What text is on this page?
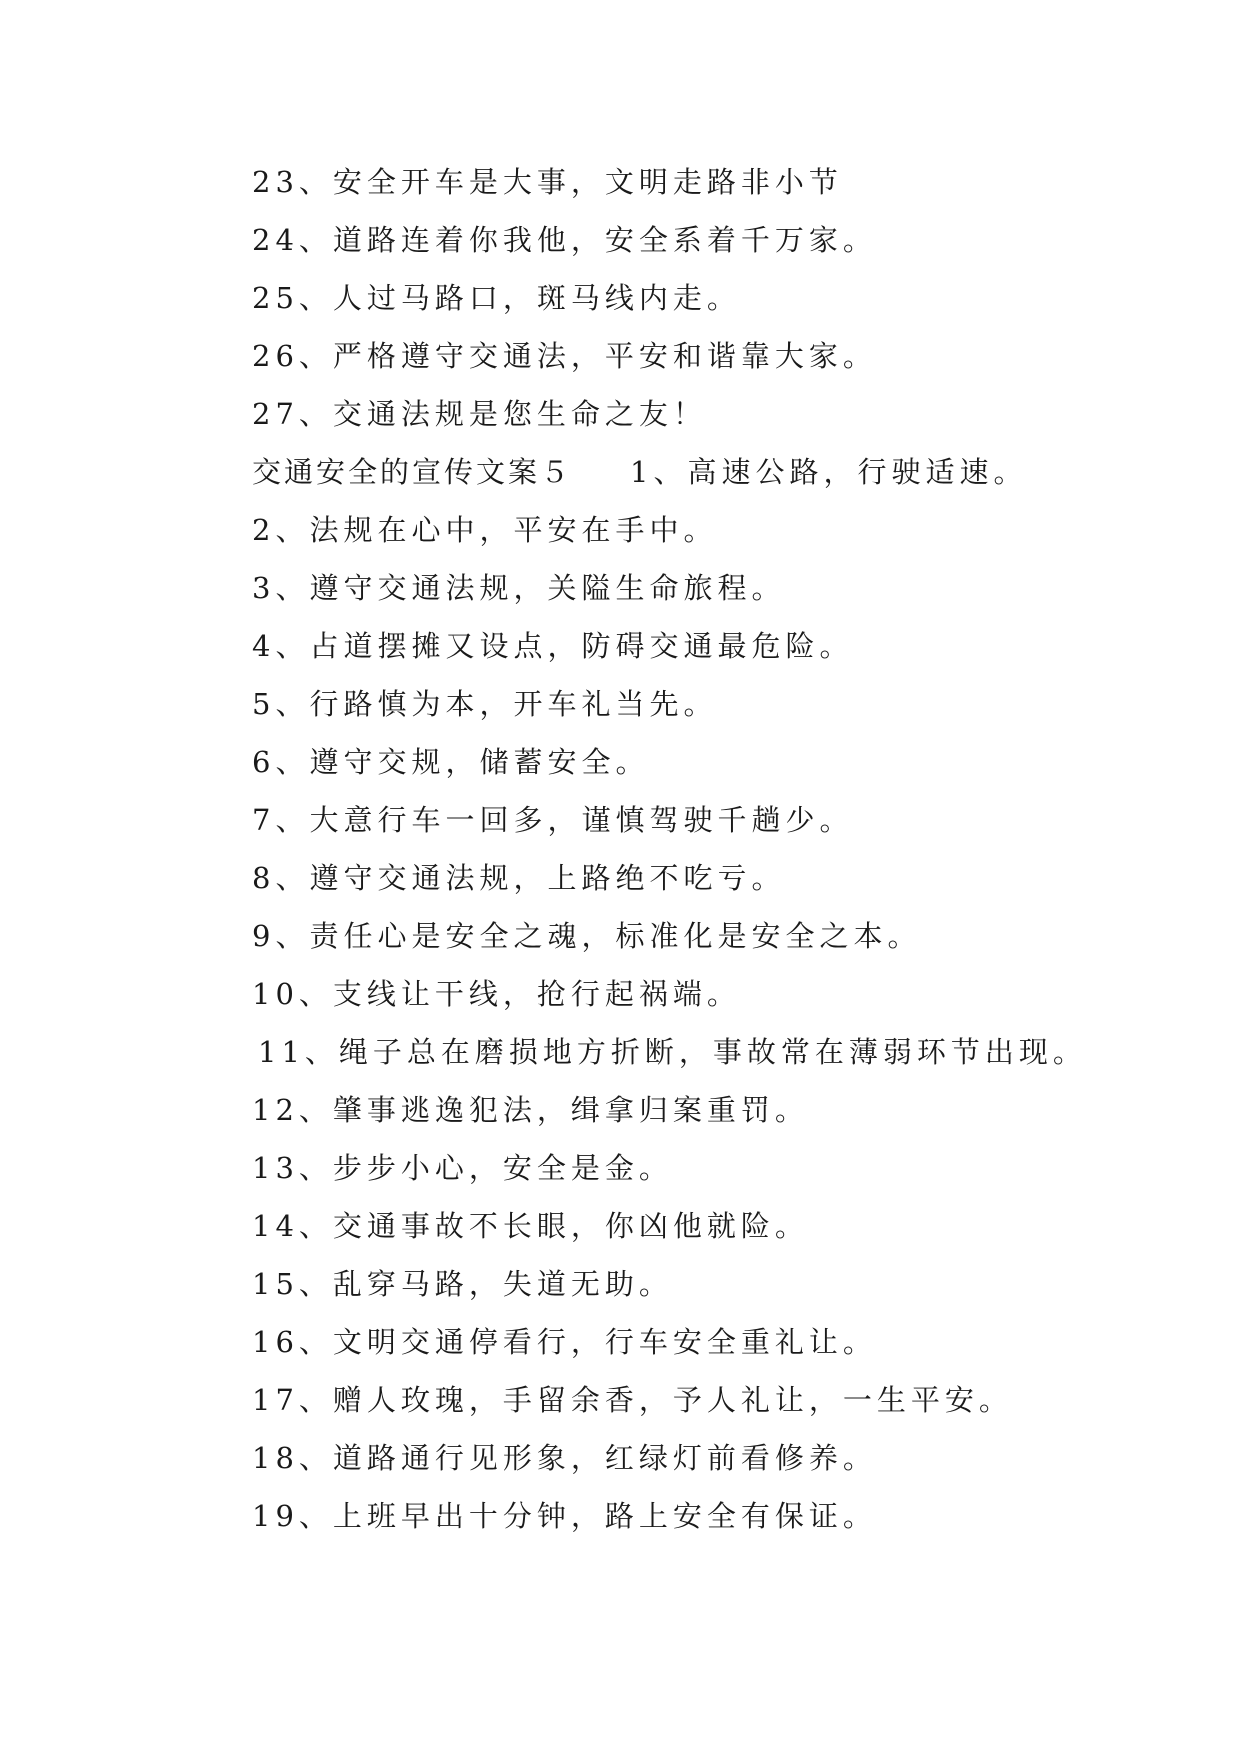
23、安全开车是大事，文明走路非小节
24、道路连着你我他，安全系着千万家。
25、人过马路口，斑马线内走。
26、严格遵守交通法，平安和谐靠大家。
27、交通法规是您生命之友！
交通安全的宣传文案５ 1、高速公路，行驶适速。
2、法规在心中，平安在手中。
3、遵守交通法规，关隘生命旅程。
4、占道摆摊又设点，防碍交通最危险。
5、行路慎为本，开车礼当先。
6、遵守交规，储蓄安全。
7、大意行车一回多，谨慎驾驶千趟少。
8、遵守交通法规，上路绝不吃亏。
9、责任心是安全之魂，标准化是安全之本。
10、支线让干线，抢行起祸端。
11、绳子总在磨损地方折断，事故常在薄弱环节出现。
12、肇事逃逸犯法，缉拿归案重罚。
13、步步小心，安全是金。
14、交通事故不长眼，你凶他就险。
15、乱穿马路，失道无助。
16、文明交通停看行，行车安全重礼让。
17、赠人玫瑰，手留余香，予人礼让，一生平安。
18、道路通行见形象，红绿灯前看修养。
19、上班早出十分钟，路上安全有保证。
